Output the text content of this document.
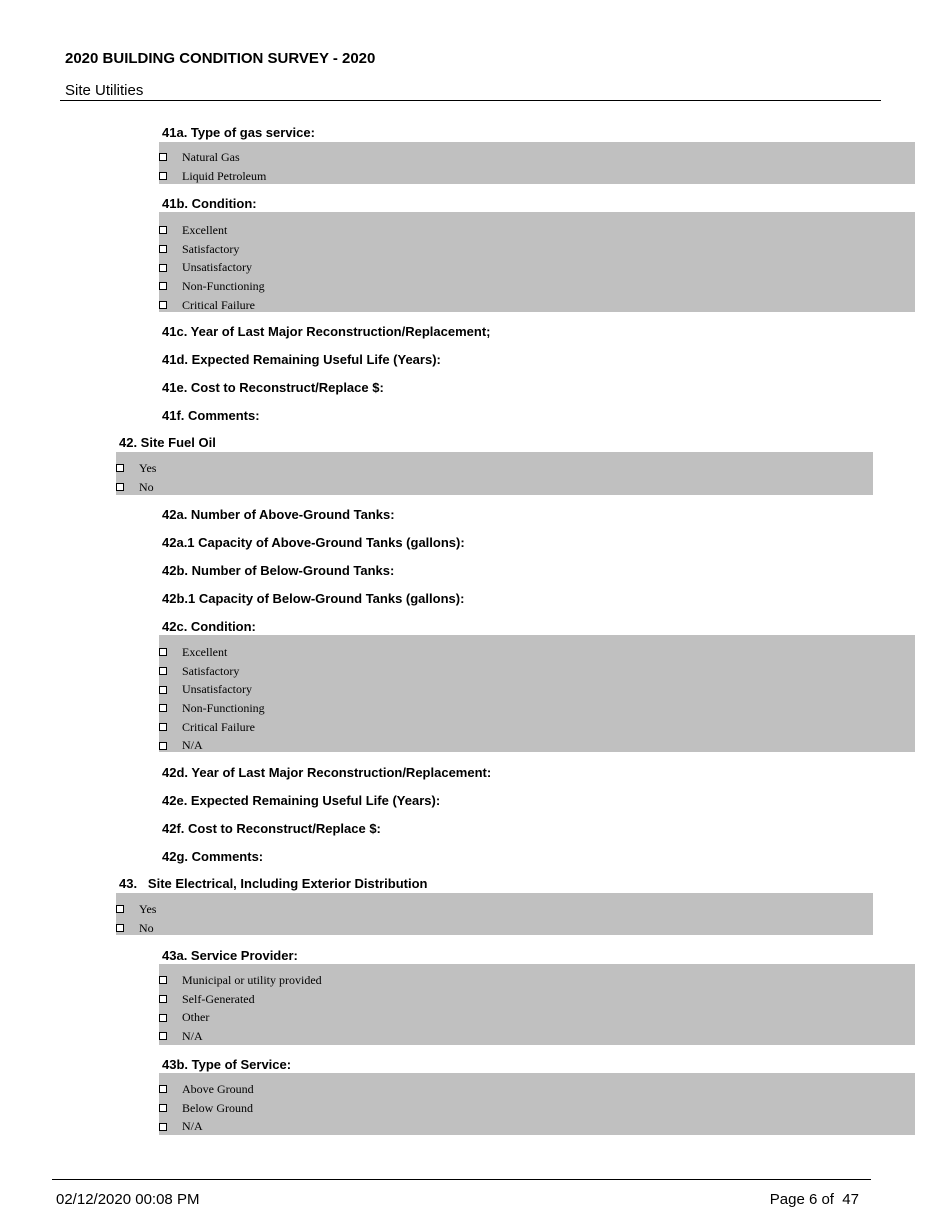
2020 BUILDING CONDITION SURVEY - 2020
Site Utilities
41a. Type of gas service:
Natural Gas
Liquid Petroleum
41b. Condition:
Excellent
Satisfactory
Unsatisfactory
Non-Functioning
Critical Failure
41c. Year of Last Major Reconstruction/Replacement;
41d. Expected Remaining Useful Life (Years):
41e. Cost to Reconstruct/Replace $:
41f. Comments:
42. Site Fuel Oil
Yes
No
42a. Number of Above-Ground Tanks:
42a.1 Capacity of Above-Ground Tanks (gallons):
42b. Number of Below-Ground Tanks:
42b.1 Capacity of Below-Ground Tanks (gallons):
42c. Condition:
Excellent
Satisfactory
Unsatisfactory
Non-Functioning
Critical Failure
N/A
42d. Year of Last Major Reconstruction/Replacement:
42e. Expected Remaining Useful Life (Years):
42f. Cost to Reconstruct/Replace $:
42g. Comments:
43.   Site Electrical, Including Exterior Distribution
Yes
No
43a. Service Provider:
Municipal or utility provided
Self-Generated
Other
N/A
43b. Type of Service:
Above Ground
Below Ground
N/A
02/12/2020 00:08 PM	Page 6 of  47
